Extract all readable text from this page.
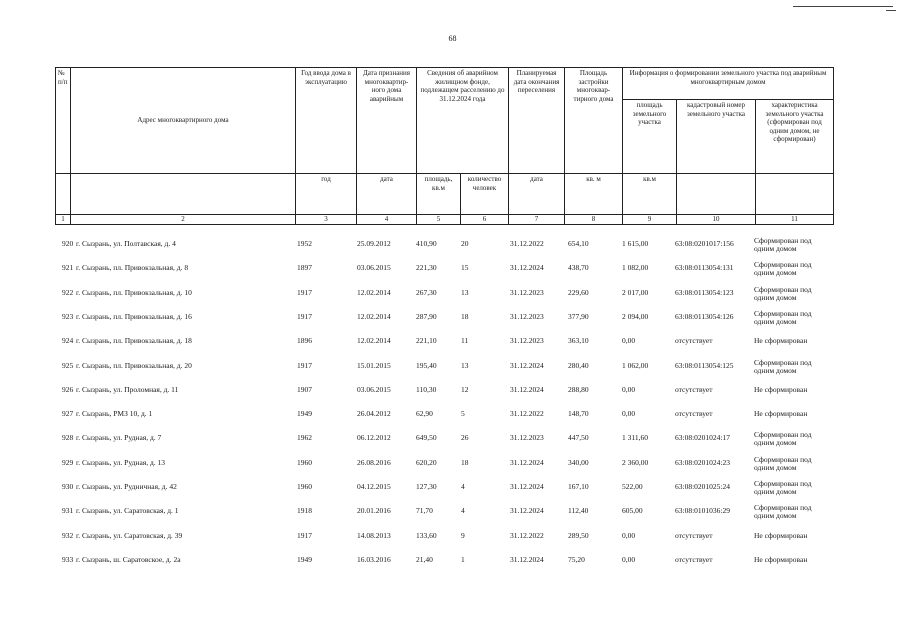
68
№ п/п	Адрес многоквартирного дома	Год ввода дома в эксплуатацию	Дата признания многоквартир-ного дома аварийным	Сведения об аварийном жилищном фонде, подлежащем расселению до 31.12.2024 года		Планируемая дата окончания переселения	Площадь застройки многоквар-тирного дома	Информация о формировании земельного участка под аварийным многоквартирным домом		
								площадь земельного участка	кадастровый номер земельного участка	характеристика земельного участка (сформирован под одним домом, не сформирован)
		год	дата	площадь, кв.м	количество человек	дата	кв. м	кв.м		
1	2	3	4	5	6	7	8	9	10	11
920 г. Сызрань, ул. Полтавская, д. 4	1952	25.09.2012	410,90	20	31.12.2022	654,10	1 615,00	63:08:0201017:156	Сформирован под одним домом
921 г. Сызрань, пл. Привокзальная, д. 8	1897	03.06.2015	221,30	15	31.12.2024	438,70	1 082,00	63:08:0113054:131	Сформирован под одним домом
922 г. Сызрань, пл. Привокзальная, д. 10	1917	12.02.2014	267,30	13	31.12.2023	229,60	2 017,00	63:08:0113054:123	Сформирован под одним домом
923 г. Сызрань, пл. Привокзальная, д. 16	1917	12.02.2014	287,90	18	31.12.2023	377,90	2 094,00	63:08:0113054:126	Сформирован под одним домом
924 г. Сызрань, пл. Привокзальная, д. 18	1896	12.02.2014	221,10	11	31.12.2023	363,10	0,00	отсутствует	Не сформирован
925 г. Сызрань, пл. Привокзальная, д. 20	1917	15.01.2015	195,40	13	31.12.2024	280,40	1 062,00	63:08:0113054:125	Сформирован под одним домом
926 г. Сызрань, ул. Проломная, д. 11	1907	03.06.2015	110,30	12	31.12.2024	288,80	0,00	отсутствует	Не сформирован
927 г. Сызрань, РМЗ 10, д. 1	1949	26.04.2012	62,90	5	31.12.2022	148,70	0,00	отсутствует	Не сформирован
928 г. Сызрань, ул. Рудная, д. 7	1962	06.12.2012	649,50	26	31.12.2023	447,50	1 311,60	63:08:0201024:17	Сформирован под одним домом
929 г. Сызрань, ул. Рудная, д. 13	1960	26.08.2016	620,20	18	31.12.2024	340,00	2 360,00	63:08:0201024:23	Сформирован под одним домом
930 г. Сызрань, ул. Рудничная, д. 42	1960	04.12.2015	127,30	4	31.12.2024	167,10	522,00	63:08:0201025:24	Сформирован под одним домом
931 г. Сызрань, ул. Саратовская, д. 1	1918	20.01.2016	71,70	4	31.12.2024	112,40	605,00	63:08:0101036:29	Сформирован под одним домом
932 г. Сызрань, ул. Саратовская, д. 39	1917	14.08.2013	133,60	9	31.12.2022	289,50	0,00	отсутствует	Не сформирован
933 г. Сызрань, ш. Саратовское, д. 2а	1949	16.03.2016	21,40	1	31.12.2024	75,20	0,00	отсутствует	Не сформирован
